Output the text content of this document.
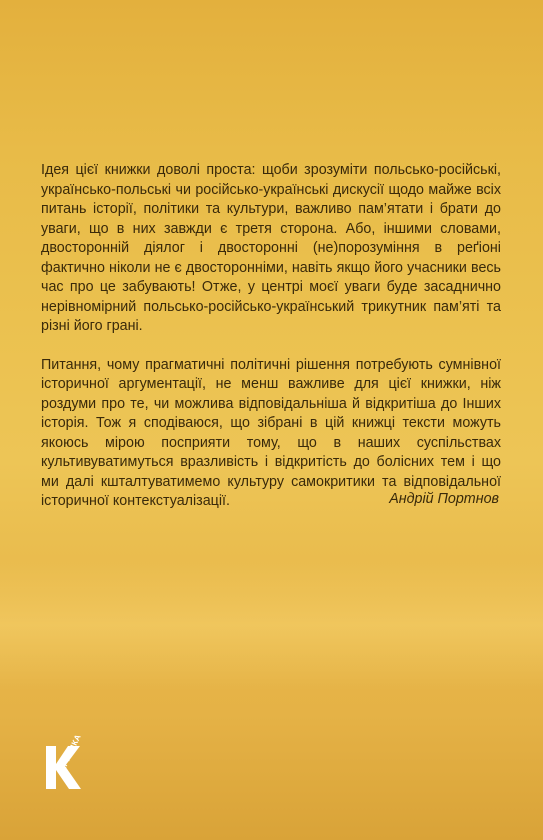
Ідея цієї книжки доволі проста: щоби зрозуміти польсько-російські, українсько-польські чи російсько-українські дискусії щодо майже всіх питань історії, політики та культури, важливо пам’ятати і брати до уваги, що в них завжди є третя сторона. Або, іншими словами, двосторонній діялог і двосторонні (не)порозуміння в реґіоні фактично ніколи не є двосторонніми, навіть якщо його учасники весь час про це забувають! Отже, у центрі моєї уваги буде засаднично нерівномірний польсько-російсько-український трикутник пам’яті та різні його грані.

Питання, чому прагматичні політичні рішення потребують сумнівної історичної аргументації, не менш важливе для цієї книжки, ніж роздуми про те, чи можлива відповідальніша й відкритіша до Інших історія. Тож я сподіваюся, що зібрані в цій книжці тексти можуть якоюсь мірою посприяти тому, що в наших суспільствах культивуватимуться вразливість і відкритість до болісних тем і що ми далі кшталтуватимемо культуру самокритики та відповідальної історичної контекстуалізації.	Андрій Портнов
КРИТИКА
